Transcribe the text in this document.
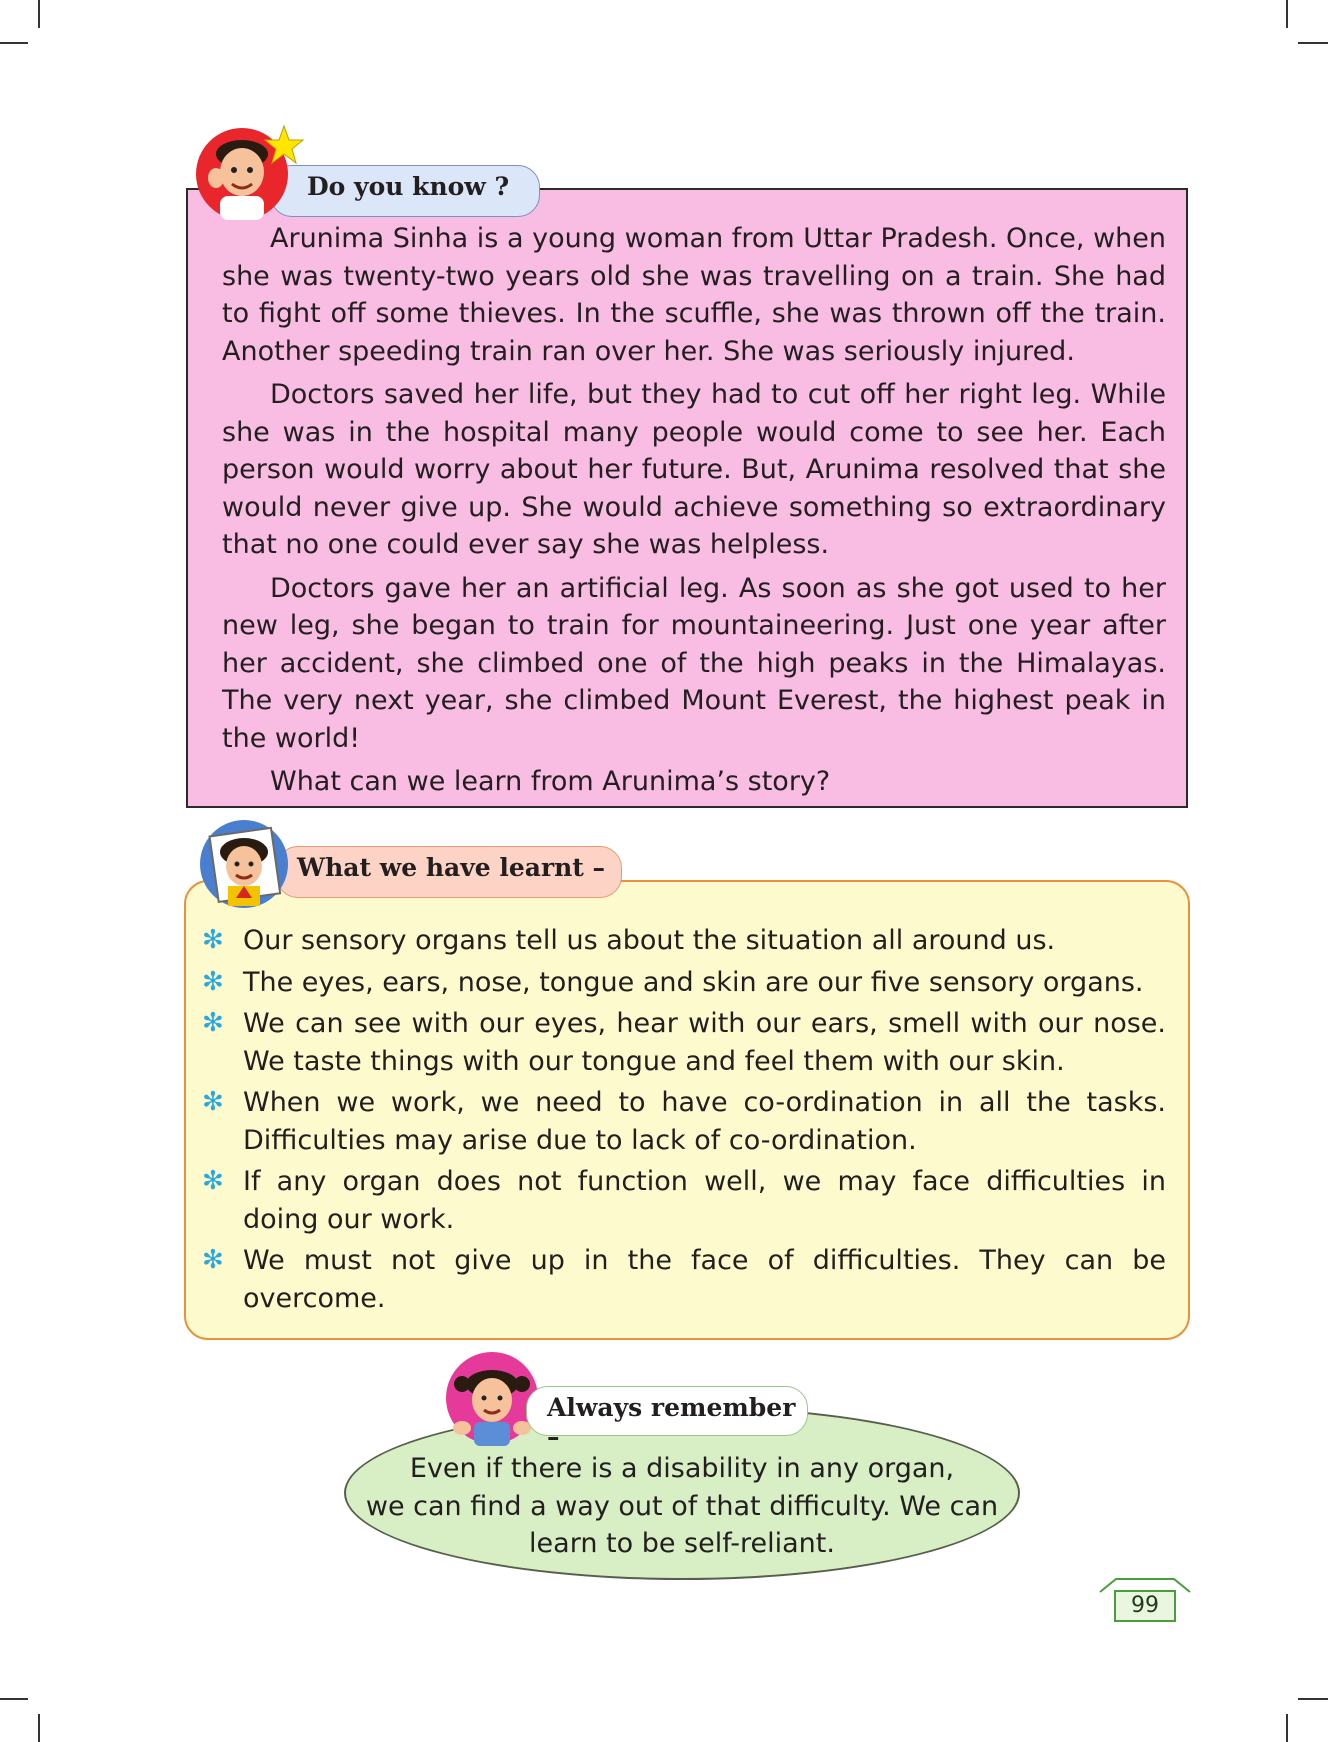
Do you know ?

Arunima Sinha is a young woman from Uttar Pradesh. Once, when she was twenty-two years old she was travelling on a train. She had to fight off some thieves. In the scuffle, she was thrown off the train. Another speeding train ran over her. She was seriously injured.

Doctors saved her life, but they had to cut off her right leg. While she was in the hospital many people would come to see her. Each person would worry about her future. But, Arunima resolved that she would never give up. She would achieve something so extraordinary that no one could ever say she was helpless.

Doctors gave her an artificial leg. As soon as she got used to her new leg, she began to train for mountaineering. Just one year after her accident, she climbed one of the high peaks in the Himalayas. The very next year, she climbed Mount Everest, the highest peak in the world!

What can we learn from Arunima’s story?

What we have learnt –
✻ Our sensory organs tell us about the situation all around us.
✻ The eyes, ears, nose, tongue and skin are our five sensory organs.
✻ We can see with our eyes, hear with our ears, smell with our nose. We taste things with our tongue and feel them with our skin.
✻ When we work, we need to have co-ordination in all the tasks. Difficulties may arise due to lack of co-ordination.
✻ If any organ does not function well, we may face difficulties in doing our work.
✻ We must not give up in the face of difficulties. They can be overcome.
Always remember –
Even if there is a disability in any organ,
we can find a way out of that difficulty. We can
learn to be self-reliant.
99
